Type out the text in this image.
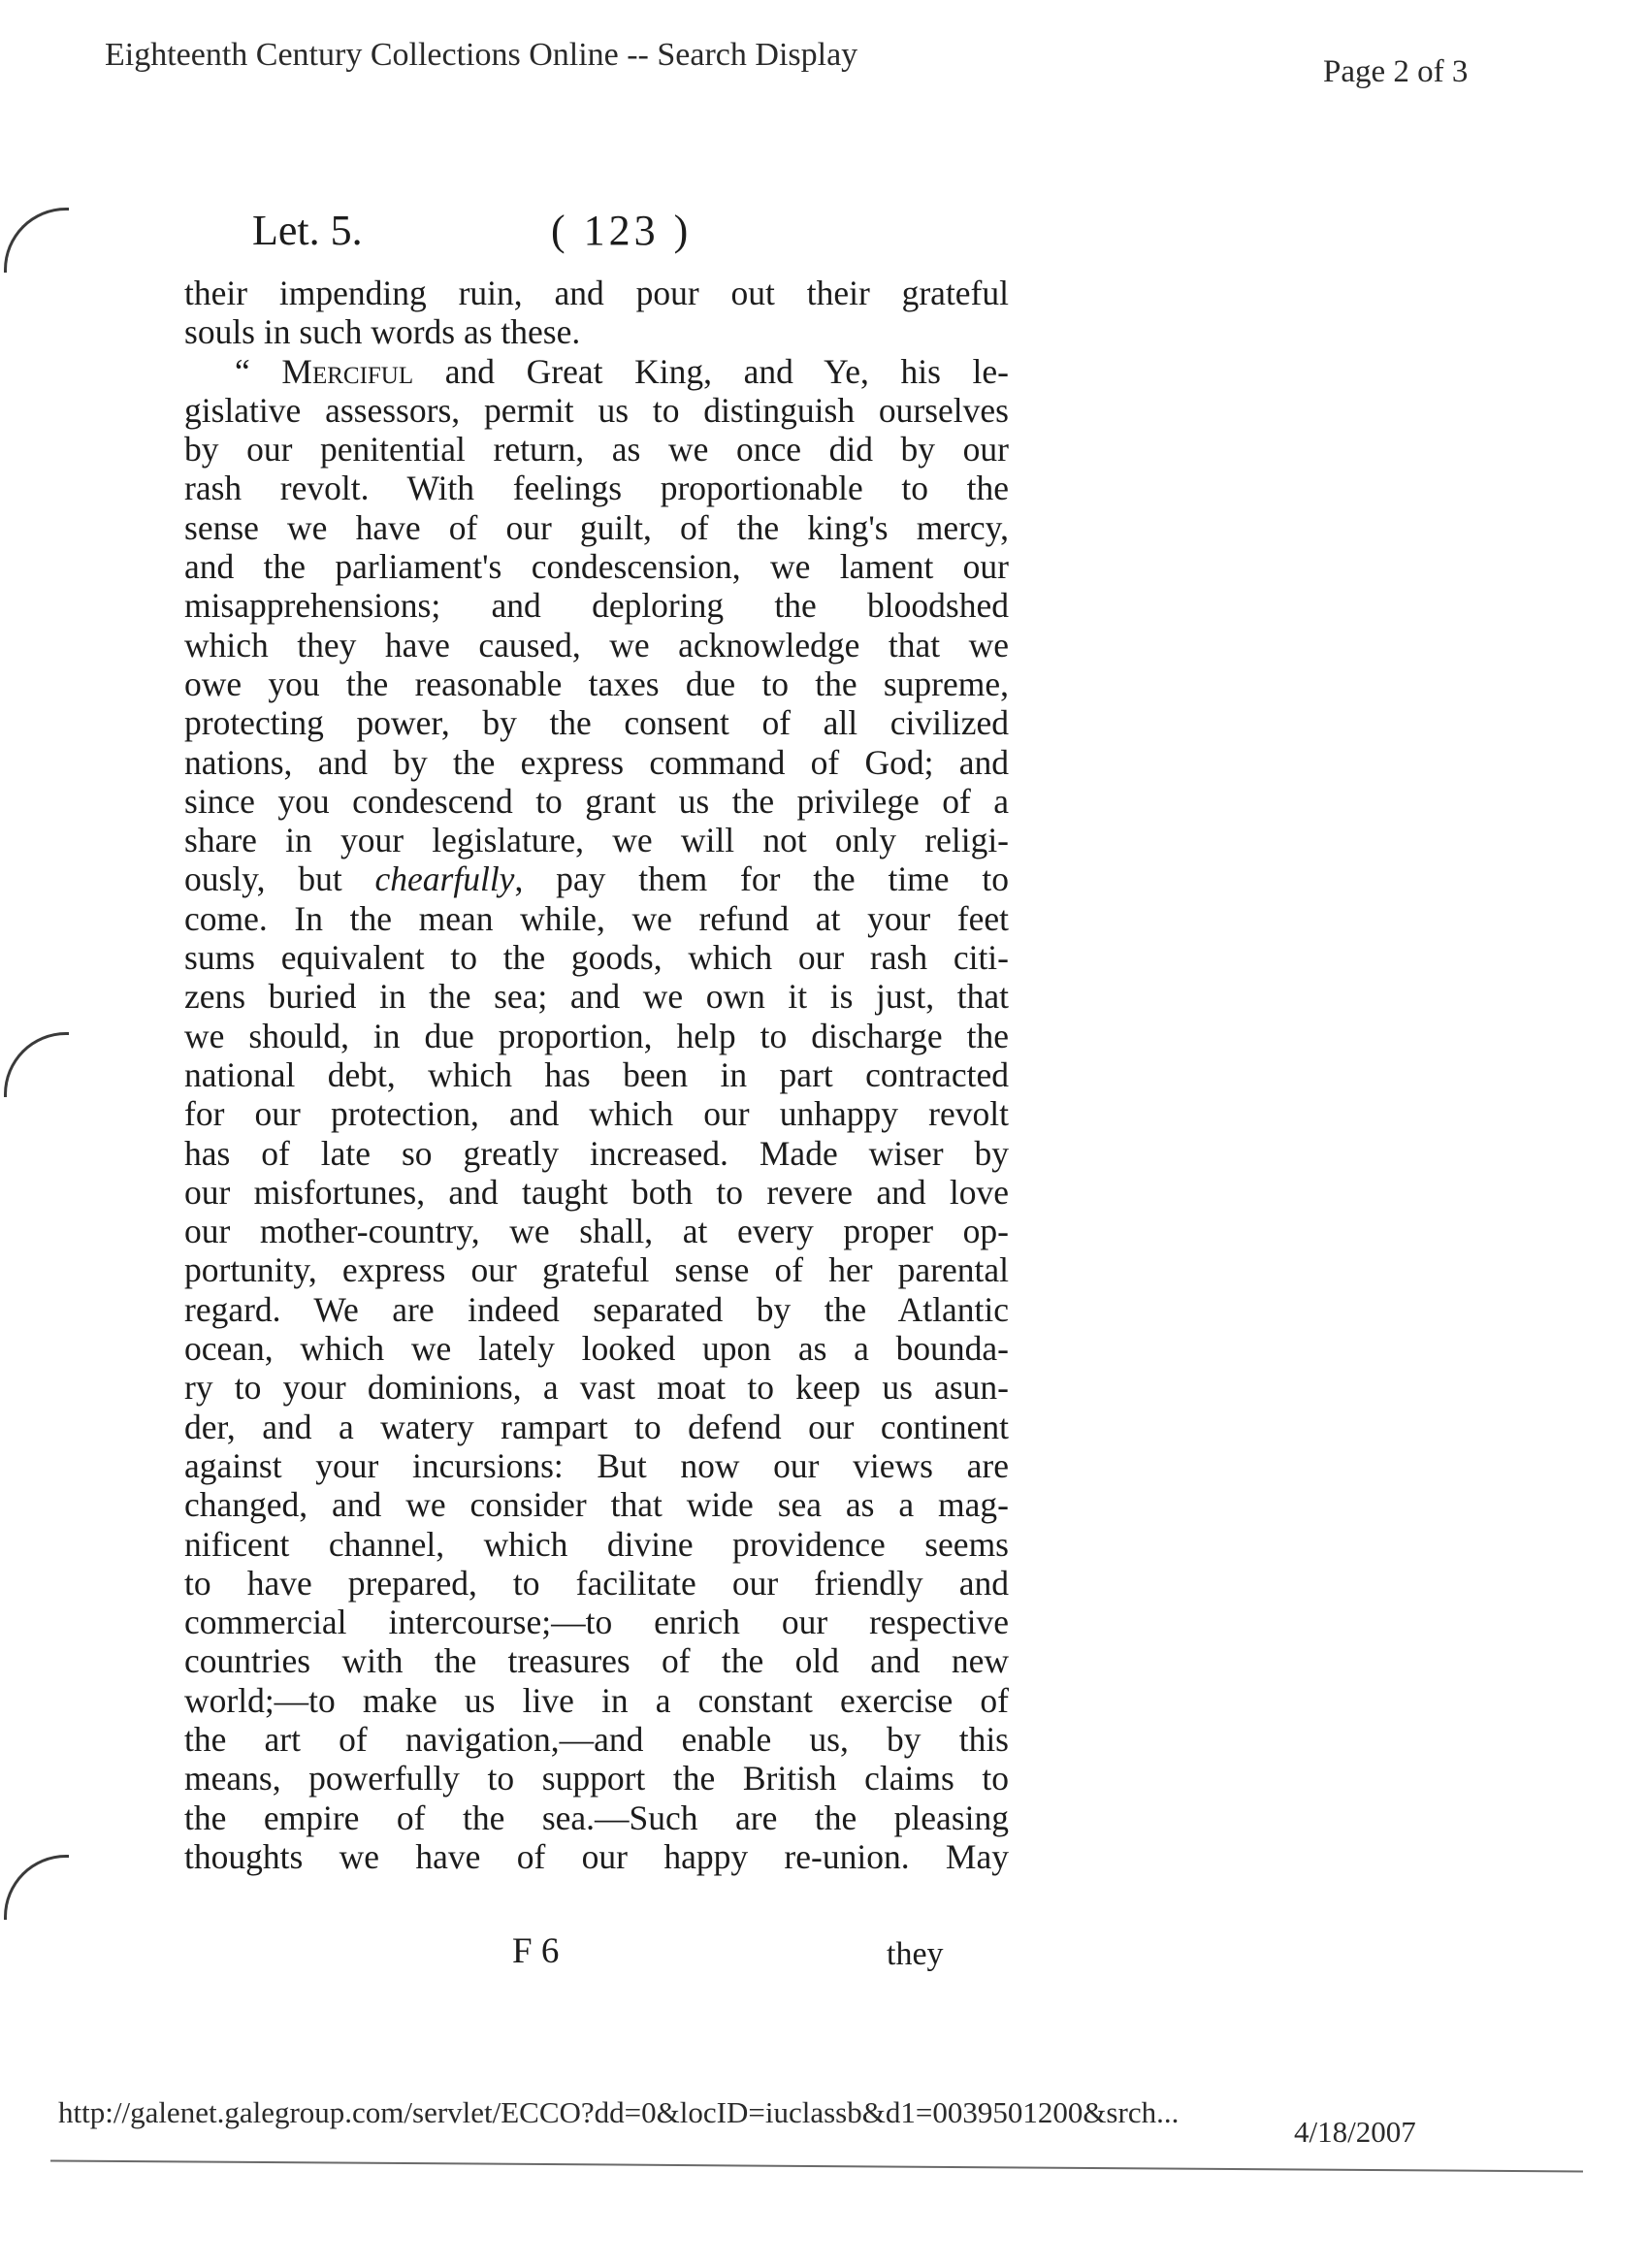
Eighteenth Century Collections Online -- Search Display	Page 2 of 3
Let. 5.	( 123 )
their impending ruin, and pour out their grateful
souls in such words as these.
“ Merciful and Great King, and Ye, his le-
gislative assessors, permit us to distinguish ourselves
by our penitential return, as we once did by our
rash revolt. With feelings proportionable to the
sense we have of our guilt, of the king's mercy,
and the parliament's condescension, we lament our
misapprehensions; and deploring the bloodshed
which they have caused, we acknowledge that we
owe you the reasonable taxes due to the supreme,
protecting power, by the consent of all civilized
nations, and by the express command of God; and
since you condescend to grant us the privilege of a
share in your legislature, we will not only religi-
ously, but chearfully, pay them for the time to
come. In the mean while, we refund at your feet
sums equivalent to the goods, which our rash citi-
zens buried in the sea; and we own it is just, that
we should, in due proportion, help to discharge the
national debt, which has been in part contracted
for our protection, and which our unhappy revolt
has of late so greatly increased. Made wiser by
our misfortunes, and taught both to revere and love
our mother-country, we shall, at every proper op-
portunity, express our grateful sense of her parental
regard. We are indeed separated by the Atlantic
ocean, which we lately looked upon as a bounda-
ry to your dominions, a vast moat to keep us asun-
der, and a watery rampart to defend our continent
against your incursions: But now our views are
changed, and we consider that wide sea as a mag-
nificent channel, which divine providence seems
to have prepared, to facilitate our friendly and
commercial intercourse;—to enrich our respective
countries with the treasures of the old and new
world;—to make us live in a constant exercise of
the art of navigation,—and enable us, by this
means, powerfully to support the British claims to
the empire of the sea.—Such are the pleasing
thoughts we have of our happy re-union. May
F 6	they
http://galenet.galegroup.com/servlet/ECCO?dd=0&locID=iuclassb&d1=0039501200&srch...
4/18/2007
